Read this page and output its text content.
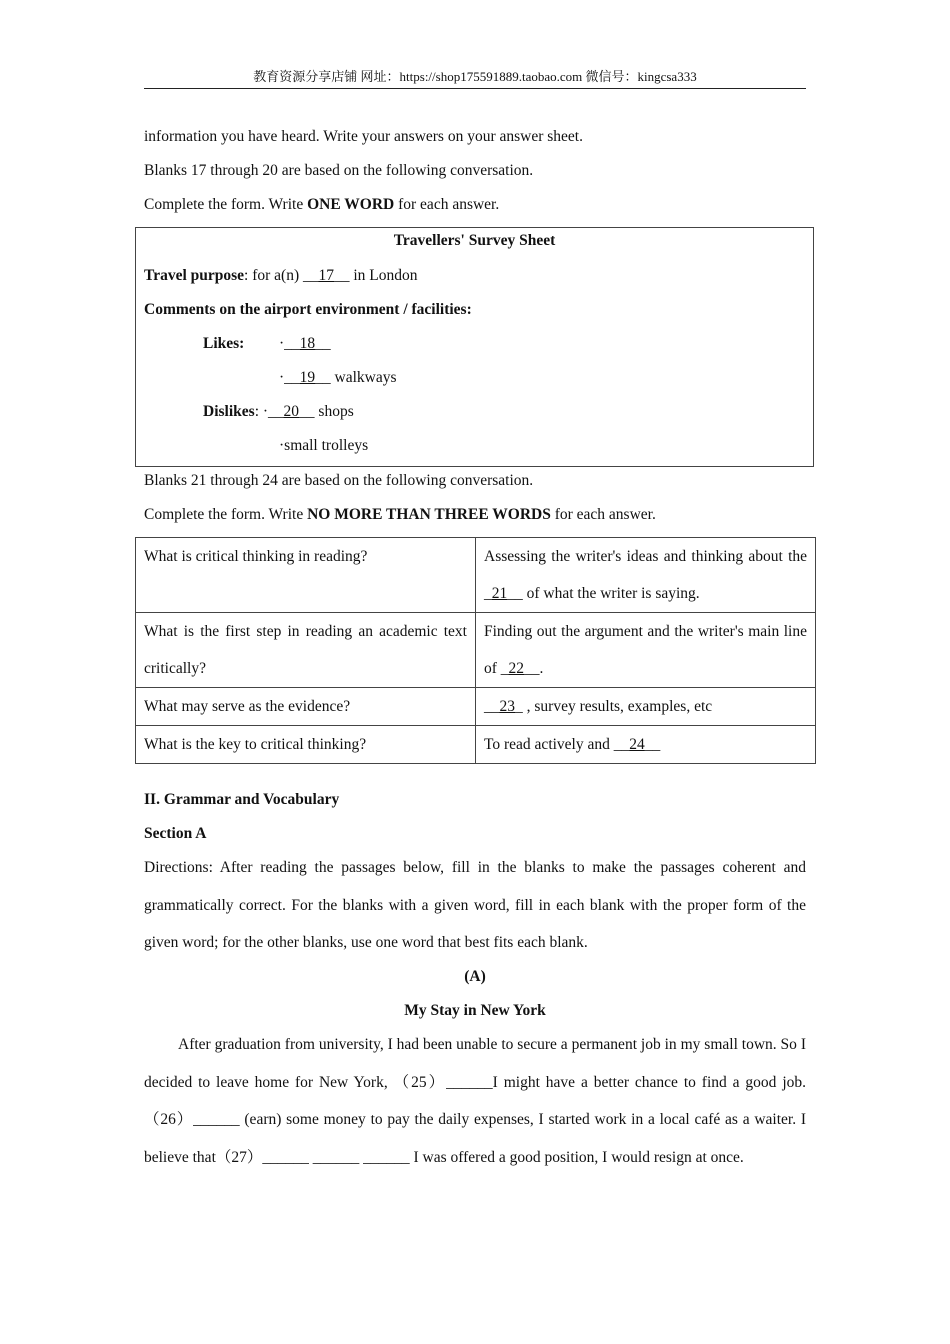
教育资源分享店铺 网址：https://shop175591889.taobao.com 微信号：kingcsa333
information you have heard. Write your answers on your answer sheet.
Blanks 17 through 20 are based on the following conversation.
Complete the form. Write ONE WORD for each answer.
Travellers' Survey Sheet
Travel purpose: for a(n) __17__ in London
Comments on the airport environment / facilities:
Likes: ·__18__
·__19__ walkways
Dislikes: ·__20__ shops
·small trolleys
Blanks 21 through 24 are based on the following conversation.
Complete the form. Write NO MORE THAN THREE WORDS for each answer.
What is critical thinking in reading?	Assessing the writer's ideas and thinking about the _21__ of what the writer is saying.
What is the first step in reading an academic text critically?	Finding out the argument and the writer's main line of _22__.
What may serve as the evidence?	__23_ , survey results, examples, etc
What is the key to critical thinking?	To read actively and __24__
II. Grammar and Vocabulary
Section A
Directions: After reading the passages below, fill in the blanks to make the passages coherent and grammatically correct. For the blanks with a given word, fill in each blank with the proper form of the given word; for the other blanks, use one word that best fits each blank.
(A)
My Stay in New York
After graduation from university, I had been unable to secure a permanent job in my small town. So I decided to leave home for New York, （25）______I might have a better chance to find a good job. （26）______ (earn) some money to pay the daily expenses, I started work in a local café as a waiter. I believe that（27）______ ______ ______ I was offered a good position, I would resign at once.
